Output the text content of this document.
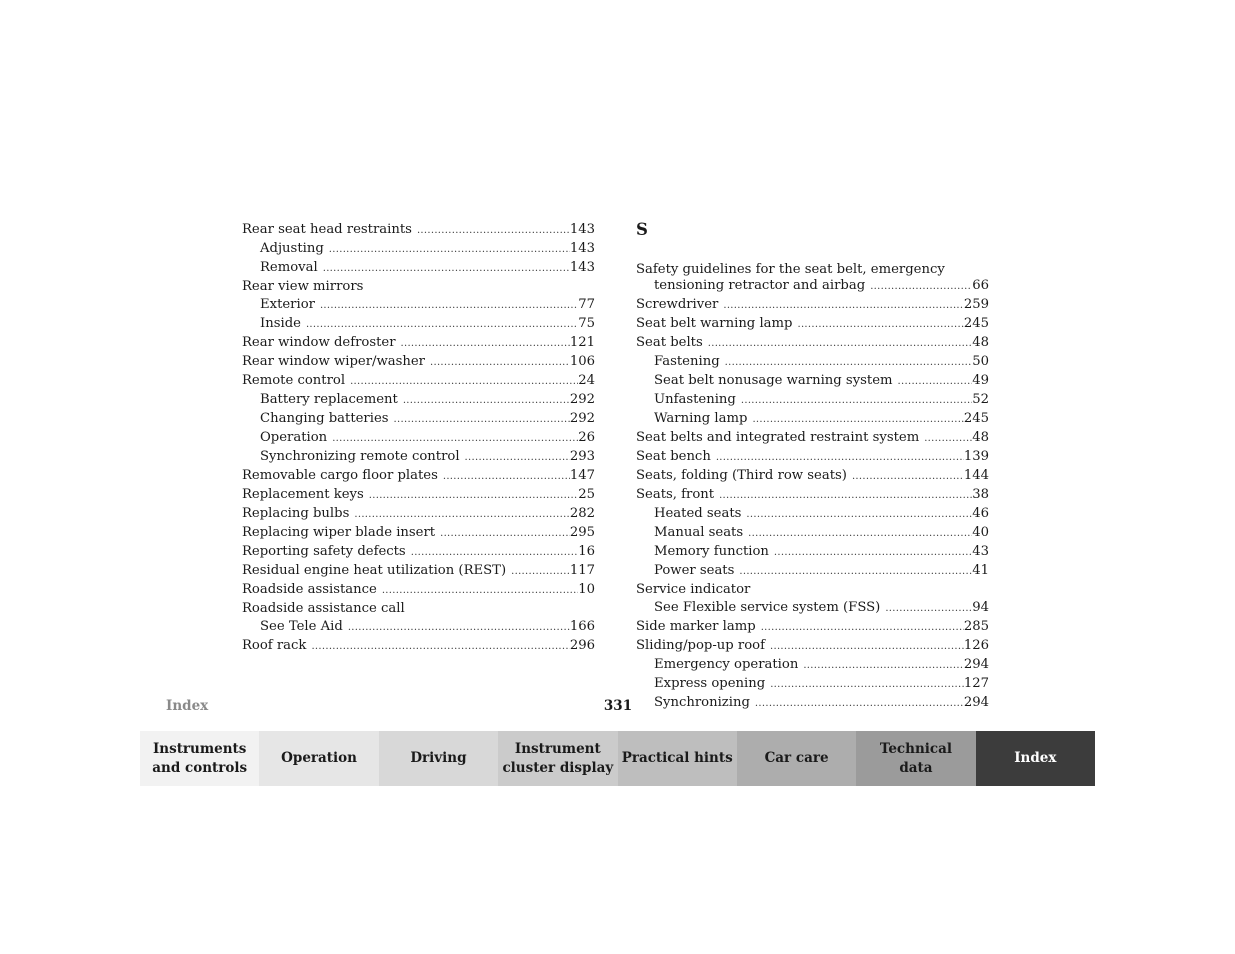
Rear seat head restraints .....	143
Adjusting .....	143
Removal .....	143
Rear view mirrors
Exterior .....	77
Inside .....	75
Rear window defroster .....	121
Rear window wiper/washer .....	106
Remote control .....	24
Battery replacement .....	292
Changing batteries .....	292
Operation .....	26
Synchronizing remote control .....	293
Removable cargo floor plates .....	147
Replacement keys .....	25
Replacing bulbs .....	282
Replacing wiper blade insert .....	295
Reporting safety defects .....	16
Residual engine heat utilization (REST) .....	117
Roadside assistance .....	10
Roadside assistance call
See Tele Aid .....	166
Roof rack .....	296
S
Safety guidelines for the seat belt, emergency
tensioning retractor and airbag .....	66
Screwdriver .....	259
Seat belt warning lamp .....	245
Seat belts .....	48
Fastening .....	50
Seat belt nonusage warning system .....	49
Unfastening .....	52
Warning lamp .....	245
Seat belts and integrated restraint system .....	48
Seat bench .....	139
Seats, folding (Third row seats) .....	144
Seats, front .....	38
Heated seats .....	46
Manual seats .....	40
Memory function .....	43
Power seats .....	41
Service indicator
See Flexible service system (FSS) .....	94
Side marker lamp .....	285
Sliding/pop-up roof .....	126
Emergency operation .....	294
Express opening .....	127
Synchronizing .....	294
Index	331
Instruments
and controls
Operation	Driving
Instrument
cluster display
Practical hints	Car care
Technical
data
Index
